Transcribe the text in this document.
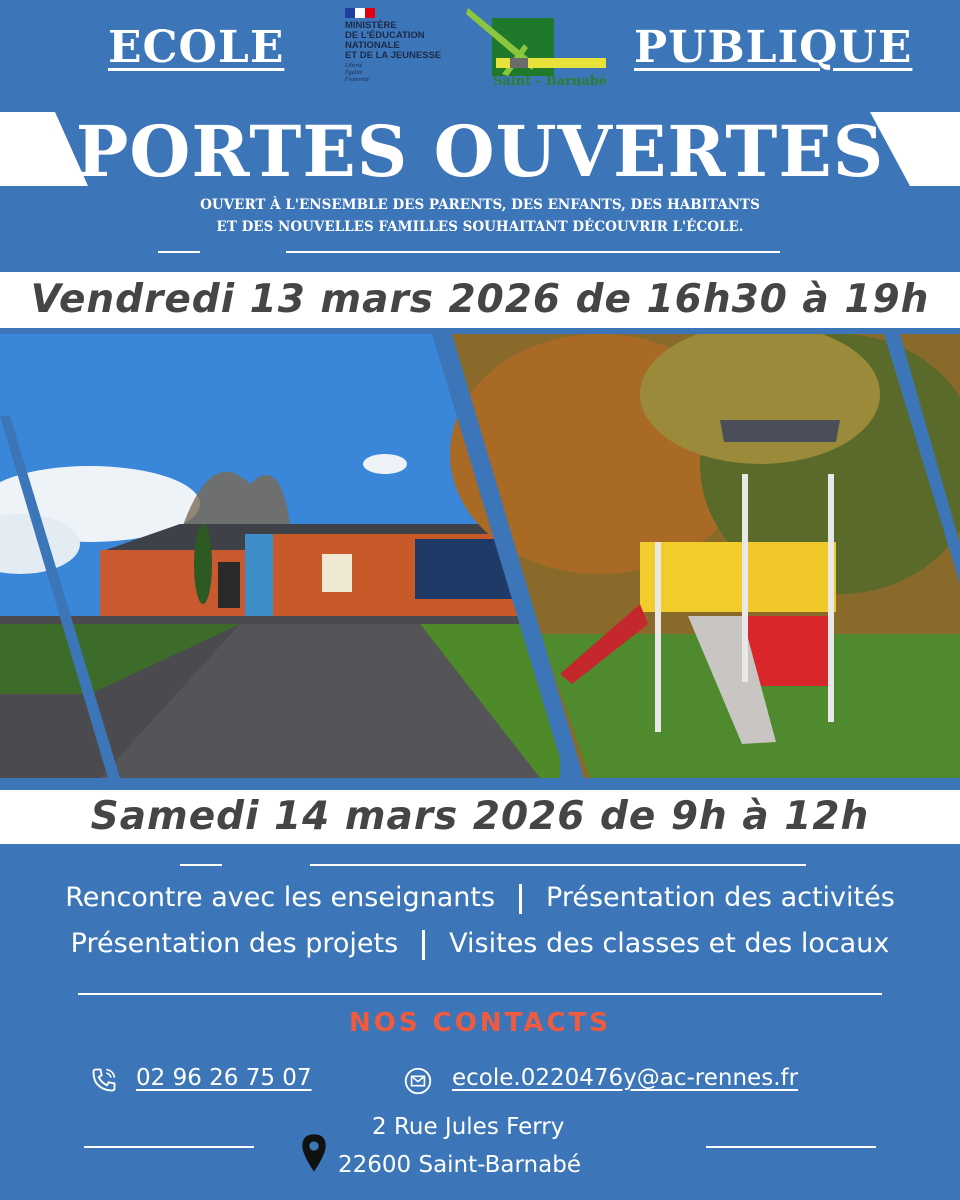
ECOLE	PUBLIQUE
MINISTÈRE
DE L'ÉDUCATION
NATIONALE
ET DE LA JEUNESSE
Liberté
Égalité
Fraternité	Saint - Barnabé
PORTES OUVERTES
OUVERT À L'ENSEMBLE DES PARENTS, DES ENFANTS, DES HABITANTS
ET DES NOUVELLES FAMILLES SOUHAITANT DÉCOUVRIR L'ÉCOLE.
Vendredi 13 mars 2026 de 16h30 à 19h
Samedi 14 mars 2026 de 9h à 12h
Rencontre avec les enseignants Présentation des activités
Présentation des projets Visites des classes et des locaux
NOS CONTACTS
02 96 26 75 07	ecole.0220476y@ac-rennes.fr
2 Rue Jules Ferry
22600 Saint-Barnabé
